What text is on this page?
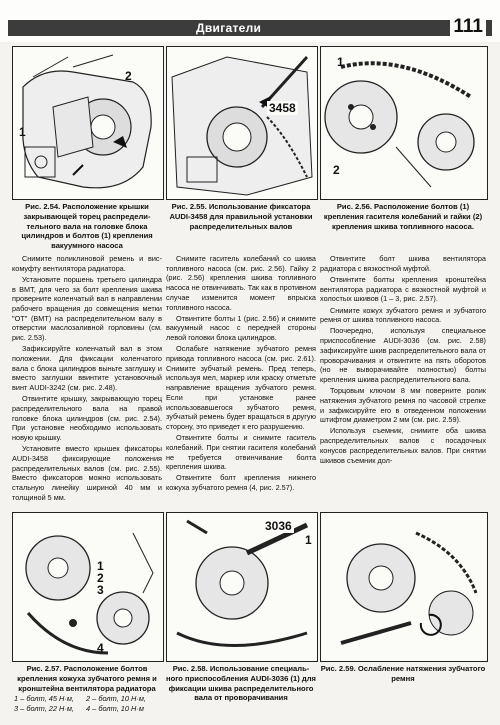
Двигатели	111
1
2
Рис. 2.54. Расположение крышки закрывающей торец распределительного вала на головке блока цилиндров и болтов (1) крепления вакуумного насоса
3458
Рис. 2.55. Использование фиксатора AUDI-3458 для правильной установки распределительных валов
1
2
Рис. 2.56. Расположение болтов (1) крепления гасителя колебаний и гайки (2) крепления шкива топливного насоса.

Снимите поликлиновой ремень и вискомуфту вентилятора радиатора.

Установите поршень третьего цилиндра в ВМТ, для чего за болт крепления шкива проверните коленчатый вал в направлении рабочего вращения до совмещения метки "ОТ" (ВМТ) на распределительном валу в отверстии маслозаливной горловины (см. рис. 2.53).

Зафиксируйте коленчатый вал в этом положении. Для фиксации коленчатого вала с блока цилиндров выньте заглушку и вместо заглушки ввинтите установочный винт AUDI-3242 (см. рис. 2.48).

Отвинтите крышку, закрывающую торец распределительного вала на правой головке блока цилиндров (см. рис. 2.54). При установке необходимо использовать новую крышку.

Установите вместо крышек фиксаторы AUDI-3458 фиксирующие положения распределительных валов (см. рис. 2.55). Вместо фиксаторов можно использовать стальную линейку шириной 40 мм и толщиной 5 мм.

Снимите гаситель колебаний со шкива топливного насоса (см. рис. 2.56). Гайку 2 (рис. 2.56) крепления шкива топливного насоса не отвинчивать. Так как в противном случае изменится момент впрыска топливного насоса.

Отвинтите болты 1 (рис. 2.56) и снимите вакуумный насос с передней стороны левой головки блока цилиндров.

Ослабьте натяжение зубчатого ремня привода топливного насоса (см. рис. 2.61). Снимите зубчатый ремень. Пред теперь, используя мел, маркер или краску отметьте направление вращения зубчатого ремня. Если при установке ранее использовавшегося зубчатого ремня, зубчатый ремень будет вращаться в другую сторону, это приведет к его разрушению.

Отвинтите болты и снимите гаситель колебаний. При снятии гасителя колебаний не требуется отвинчивание болта крепления шкива.

Отвинтите болт крепления нижнего кожуха зубчатого ремня (4, рис. 2.57).

Отвинтите болт шкива вентилятора радиатора с вязкостной муфтой.

Отвинтите болты крепления кронштейна вентилятора радиатора с вязкостной муфтой и холостых шкивов (1 – 3, рис. 2.57).

Снимите кожух зубчатого ремня и зубчатого ремня от шкива топливного насоса.

Поочередно, используя специальное приспособление AUDI-3036 (см. рис. 2.58) зафиксируйте шкив распределительного вала от проворачивания и отвинтите на пять оборотов (но не выворачивайте полностью) болты крепления шкива распределительного вала.

Торцовым ключом 8 мм поверните ролик натяжения зубчатого ремня по часовой стрелке и зафиксируйте его в отведенном положении штифтом диаметром 2 мм (см. рис. 2.59).

Используя съемник, снимите оба шкива распределительных валов с посадочных конусов распределительных валов. При снятии шкивов съемник дол-

1
2
3
4
Рис. 2.57. Расположение болтов крепления кожуха зубчатого ремня и кронштейна вентилятора радиатора
1 – болт, 45 Н·м, 2 – болт, 10 Н·м,
3 – болт, 22 Н·м, 4 – болт, 10 Н·м
3036
1
Рис. 2.58. Использование специального приспособления AUDI-3036 (1) для фиксации шкива распределительного вала от проворачивания
Рис. 2.59. Ослабление натяжения зубчатого ремня
